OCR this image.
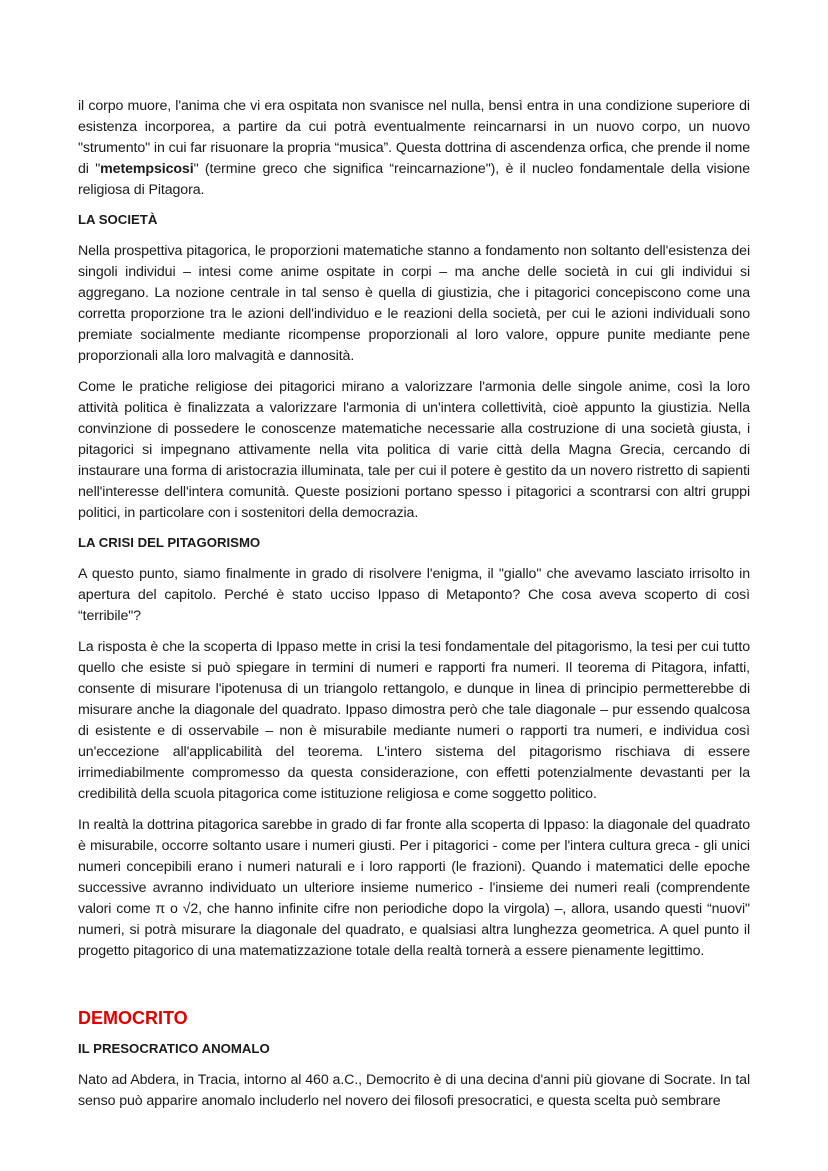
il corpo muore, l'anima che vi era ospitata non svanisce nel nulla, bensì entra in una condizione superiore di esistenza incorporea, a partire da cui potrà eventualmente reincarnarsi in un nuovo corpo, un nuovo "strumento" in cui far risuonare la propria “musica”. Questa dottrina di ascendenza orfica, che prende il nome di "metempsicosi" (termine greco che significa “reincarnazione"), è il nucleo fondamentale della visione religiosa di Pitagora.

LA SOCIETÀ

Nella prospettiva pitagorica, le proporzioni matematiche stanno a fondamento non soltanto dell'esistenza dei singoli individui – intesi come anime ospitate in corpi – ma anche delle società in cui gli individui si aggregano. La nozione centrale in tal senso è quella di giustizia, che i pitagorici concepiscono come una corretta proporzione tra le azioni dell'individuo e le reazioni della società, per cui le azioni individuali sono premiate socialmente mediante ricompense proporzionali al loro valore, oppure punite mediante pene proporzionali alla loro malvagità e dannosità.

Come le pratiche religiose dei pitagorici mirano a valorizzare l'armonia delle singole anime, così la loro attività politica è finalizzata a valorizzare l'armonia di un'intera collettività, cioè appunto la giustizia. Nella convinzione di possedere le conoscenze matematiche necessarie alla costruzione di una società giusta, i pitagorici si impegnano attivamente nella vita politica di varie città della Magna Grecia, cercando di instaurare una forma di aristocrazia illuminata, tale per cui il potere è gestito da un novero ristretto di sapienti nell'interesse dell'intera comunità. Queste posizioni portano spesso i pitagorici a scontrarsi con altri gruppi politici, in particolare con i sostenitori della democrazia.

LA CRISI DEL PITAGORISMO

A questo punto, siamo finalmente in grado di risolvere l'enigma, il "giallo" che avevamo lasciato irrisolto in apertura del capitolo. Perché è stato ucciso Ippaso di Metaponto? Che cosa aveva scoperto di così “terribile"?

La risposta è che la scoperta di Ippaso mette in crisi la tesi fondamentale del pitagorismo, la tesi per cui tutto quello che esiste si può spiegare in termini di numeri e rapporti fra numeri. Il teorema di Pitagora, infatti, consente di misurare l'ipotenusa di un triangolo rettangolo, e dunque in linea di principio permetterebbe di misurare anche la diagonale del quadrato. Ippaso dimostra però che tale diagonale – pur essendo qualcosa di esistente e di osservabile – non è misurabile mediante numeri o rapporti tra numeri, e individua così un'eccezione all'applicabilità del teorema. L'intero sistema del pitagorismo rischiava di essere irrimediabilmente compromesso da questa considerazione, con effetti potenzialmente devastanti per la credibilità della scuola pitagorica come istituzione religiosa e come soggetto politico.

In realtà la dottrina pitagorica sarebbe in grado di far fronte alla scoperta di Ippaso: la diagonale del quadrato è misurabile, occorre soltanto usare i numeri giusti. Per i pitagorici - come per l'intera cultura greca - gli unici numeri concepibili erano i numeri naturali e i loro rapporti (le frazioni). Quando i matematici delle epoche successive avranno individuato un ulteriore insieme numerico - l'insieme dei numeri reali (comprendente valori come π o √2, che hanno infinite cifre non periodiche dopo la virgola) –, allora, usando questi “nuovi" numeri, si potrà misurare la diagonale del quadrato, e qualsiasi altra lunghezza geometrica. A quel punto il progetto pitagorico di una matematizzazione totale della realtà tornerà a essere pienamente legittimo.

DEMOCRITO
IL PRESOCRATICO ANOMALO

Nato ad Abdera, in Tracia, intorno al 460 a.C., Democrito è di una decina d'anni più giovane di Socrate. In tal senso può apparire anomalo includerlo nel novero dei filosofi presocratici, e questa scelta può sembrare
